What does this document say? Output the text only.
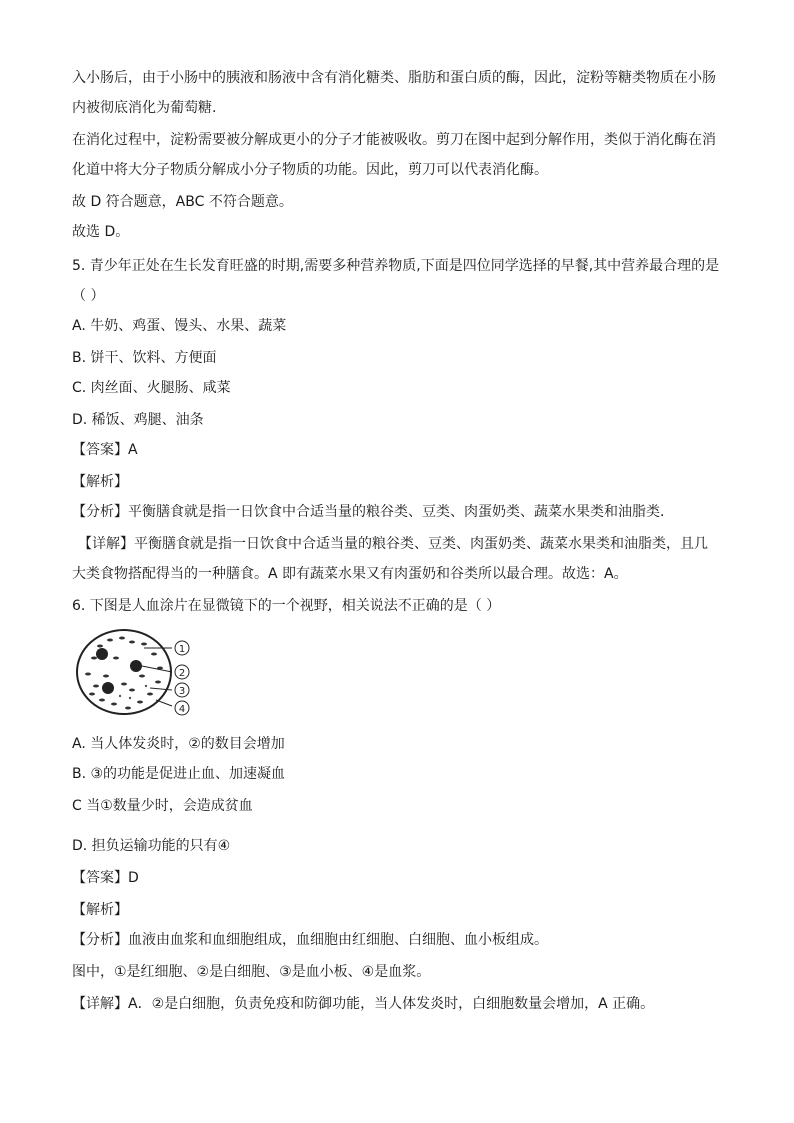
入小肠后，由于小肠中的胰液和肠液中含有消化糖类、脂肪和蛋白质的酶，因此，淀粉等糖类物质在小肠
内被彻底消化为葡萄糖.
在消化过程中，淀粉需要被分解成更小的分子才能被吸收。剪刀在图中起到分解作用，类似于消化酶在消
化道中将大分子物质分解成小分子物质的功能。因此，剪刀可以代表消化酶。
故 D 符合题意，ABC 不符合题意。
故选 D。
5. 青少年正处在生长发育旺盛的时期,需要多种营养物质,下面是四位同学选择的早餐,其中营养最合理的是
（ ）
A. 牛奶、鸡蛋、馒头、水果、蔬菜
B. 饼干、饮料、方便面
C. 肉丝面、火腿肠、咸菜
D. 稀饭、鸡腿、油条
【答案】A
【解析】
【分析】平衡膳食就是指一日饮食中合适当量的粮谷类、豆类、肉蛋奶类、蔬菜水果类和油脂类．
【详解】平衡膳食就是指一日饮食中合适当量的粮谷类、豆类、肉蛋奶类、蔬菜水果类和油脂类，且几
大类食物搭配得当的一种膳食。A 即有蔬菜水果又有肉蛋奶和谷类所以最合理。故选：A。
6. 下图是人血涂片在显微镜下的一个视野，相关说法不正确的是（ ）
1
2
3
4
A. 当人体发炎时，②的数目会增加
B. ③的功能是促进止血、加速凝血
C 当①数量少时，会造成贫血
D. 担负运输功能的只有④
【答案】D
【解析】
【分析】血液由血浆和血细胞组成，血细胞由红细胞、白细胞、血小板组成。
图中，①是红细胞、②是白细胞、③是血小板、④是血浆。
【详解】A．②是白细胞，负责免疫和防御功能，当人体发炎时，白细胞数量会增加，A 正确。
